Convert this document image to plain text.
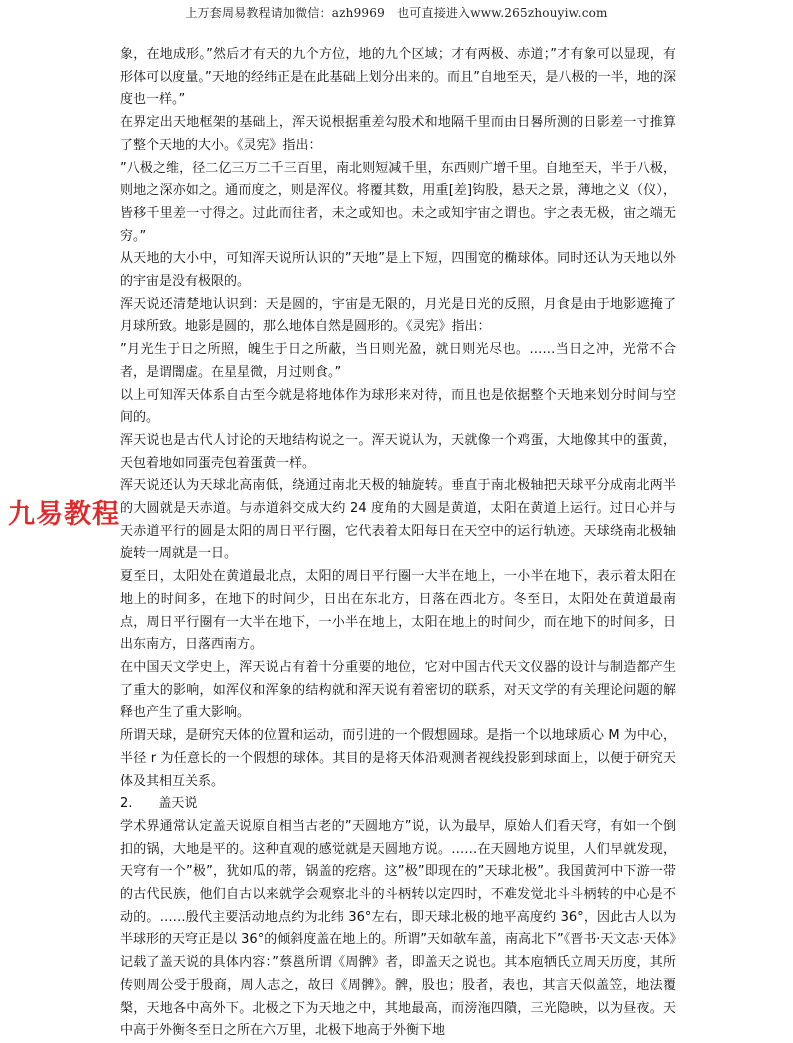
上万套周易教程请加微信：azh9969　也可直接进入www.265zhouyiw.com
九易教程

象，在地成形。”然后才有天的九个方位，地的九个区域；才有两极、赤道；”才有象可以显现，有形体可以度量。”天地的经纬正是在此基础上划分出来的。而且”自地至天，是八极的一半，地的深度也一样。”

在界定出天地框架的基础上，浑天说根据重差勾股术和地隔千里而由日晷所测的日影差一寸推算了整个天地的大小。《灵宪》指出：

”八极之维，径二亿三万二千三百里，南北则短减千里，东西则广增千里。自地至天，半于八极，则地之深亦如之。通而度之，则是浑仪。将覆其数，用重[差]钩股，悬天之景，薄地之义（仪），皆移千里差一寸得之。过此而往者，未之或知也。未之或知宇宙之谓也。宇之表无极，宙之端无穷。”

从天地的大小中，可知浑天说所认识的”天地”是上下短，四围宽的椭球体。同时还认为天地以外的宇宙是没有极限的。

浑天说还清楚地认识到：天是圆的，宇宙是无限的，月光是日光的反照，月食是由于地影遮掩了月球所致。地影是圆的，那么地体自然是圆形的。《灵宪》指出：

”月光生于日之所照，魄生于日之所蔽，当日则光盈，就日则光尽也。……当日之冲，光常不合者，是谓闇虚。在星星微，月过则食。”

以上可知浑天体系自古至今就是将地体作为球形来对待，而且也是依据整个天地来划分时间与空间的。

浑天说也是古代人讨论的天地结构说之一。浑天说认为，天就像一个鸡蛋，大地像其中的蛋黄，天包着地如同蛋壳包着蛋黄一样。

浑天说还认为天球北高南低，绕通过南北天极的轴旋转。垂直于南北极轴把天球平分成南北两半的大圆就是天赤道。与赤道斜交成大约 24 度角的大圆是黄道，太阳在黄道上运行。过日心并与天赤道平行的圆是太阳的周日平行圈，它代表着太阳每日在天空中的运行轨迹。天球绕南北极轴旋转一周就是一日。

夏至日，太阳处在黄道最北点，太阳的周日平行圈一大半在地上，一小半在地下，表示着太阳在地上的时间多，在地下的时间少，日出在东北方，日落在西北方。冬至日，太阳处在黄道最南点，周日平行圈有一大半在地下，一小半在地上，太阳在地上的时间少，而在地下的时间多，日出东南方，日落西南方。

在中国天文学史上，浑天说占有着十分重要的地位，它对中国古代天文仪器的设计与制造都产生了重大的影响，如浑仪和浑象的结构就和浑天说有着密切的联系，对天文学的有关理论问题的解释也产生了重大影响。

所谓天球，是研究天体的位置和运动，而引进的一个假想圆球。是指一个以地球质心 M 为中心，半径 r 为任意长的一个假想的球体。其目的是将天体沿观测者视线投影到球面上，以便于研究天体及其相互关系。

2.　　盖天说

学术界通常认定盖天说原自相当古老的”天圆地方”说，认为最早，原始人们看天穹，有如一个倒扣的锅，大地是平的。这种直观的感觉就是天圆地方说。……在天圆地方说里，人们早就发现，天穹有一个”极”，犹如瓜的蒂，锅盖的疙瘩。这”极”即现在的”天球北极”。我国黄河中下游一带的古代民族，他们自古以来就学会观察北斗的斗柄转以定四时，不难发觉北斗斗柄转的中心是不动的。……殷代主要活动地点约为北纬 36°左右，即天球北极的地平高度约 36°，因此古人以为半球形的天穹正是以 36°的倾斜度盖在地上的。所谓”天如欹车盖，南高北下”《晋书·天文志·天体》记载了盖天说的具体内容：”蔡邕所谓《周髀》者，即盖天之说也。其本庖牺氏立周天历度，其所传则周公受于殷商，周人志之，故曰《周髀》。髀，股也；股者，表也，其言天似盖笠，地法覆槃，天地各中高外下。北极之下为天地之中，其地最高，而滂沲四隤，三光隐映，以为昼夜。天中高于外衡冬至日之所在六万里，北极下地高于外衡下地
